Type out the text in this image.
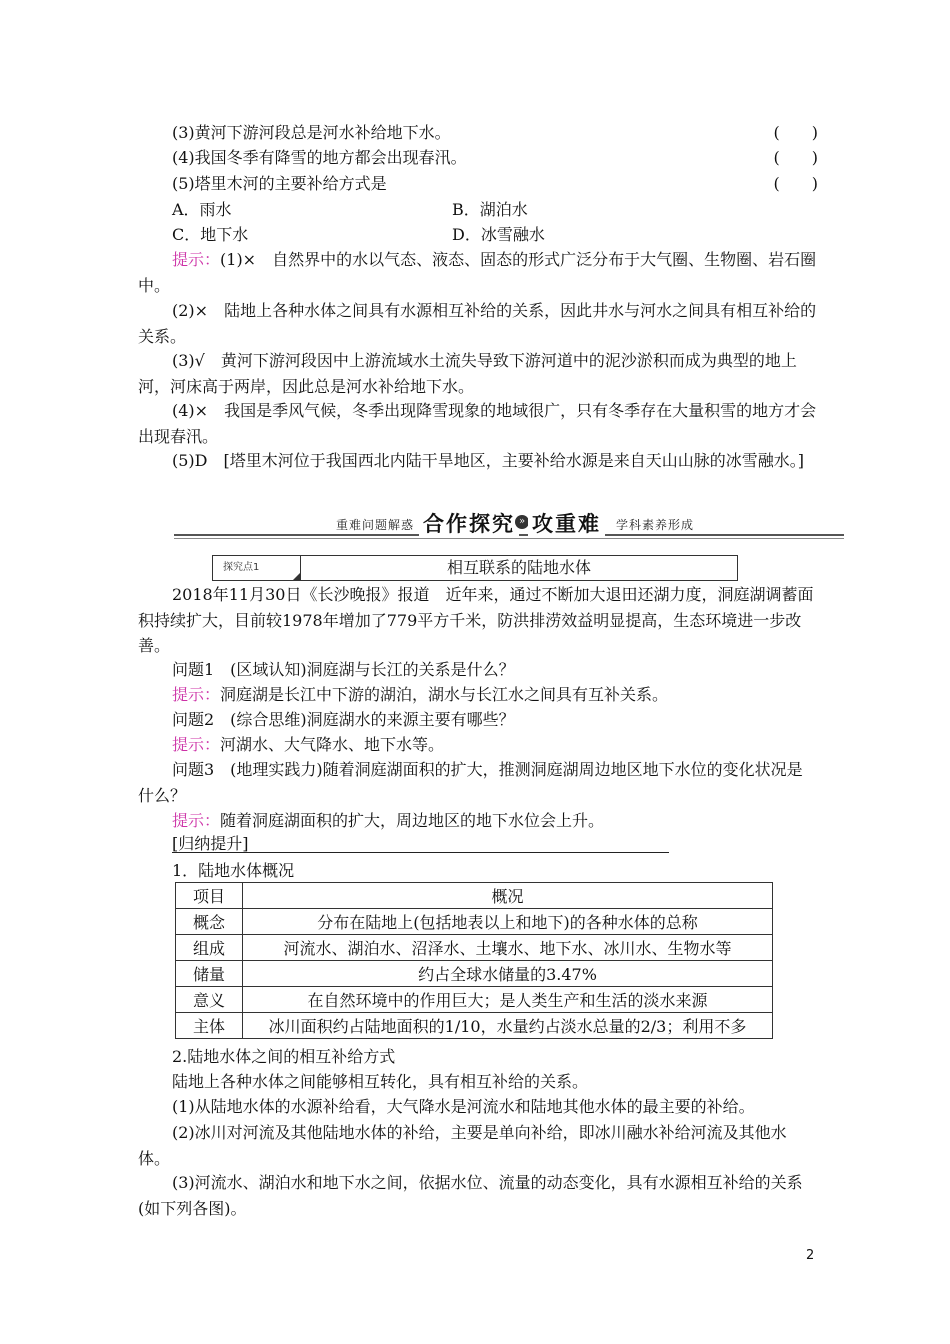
(3)黄河下游河段总是河水补给地下水。	(　　)

(4)我国冬季有降雪的地方都会出现春汛。	(　　)

(5)塔里木河的主要补给方式是	(　　)
A．雨水	B．湖泊水
C．地下水	D．冰雪融水

提示：(1)×　自然界中的水以气态、液态、固态的形式广泛分布于大气圈、生物圈、岩石圈中。

(2)×　陆地上各种水体之间具有水源相互补给的关系，因此井水与河水之间具有相互补给的关系。

(3)√　黄河下游河段因中上游流域水土流失导致下游河道中的泥沙淤积而成为典型的地上河，河床高于两岸，因此总是河水补给地下水。

(4)×　我国是季风气候，冬季出现降雪现象的地域很广，只有冬季存在大量积雪的地方才会出现春汛。

(5)D　[塔里木河位于我国西北内陆干旱地区，主要补给水源是来自天山山脉的冰雪融水。]

重难问题解惑 合作探究 » 攻重难	学科素养形成
探究点1	相互联系的陆地水体

2018年11月30日《长沙晚报》报道　近年来，通过不断加大退田还湖力度，洞庭湖调蓄面积持续扩大，目前较1978年增加了779平方千米，防洪排涝效益明显提高，生态环境进一步改善。

问题1　(区域认知)洞庭湖与长江的关系是什么？

提示：洞庭湖是长江中下游的湖泊，湖水与长江水之间具有互补关系。

问题2　(综合思维)洞庭湖水的来源主要有哪些？

提示：河湖水、大气降水、地下水等。

问题3　(地理实践力)随着洞庭湖面积的扩大，推测洞庭湖周边地区地下水位的变化状况是什么？

提示：随着洞庭湖面积的扩大，周边地区的地下水位会上升。

[归纳提升]

1．陆地水体概况

项目	概况
概念	分布在陆地上(包括地表以上和地下)的各种水体的总称
组成	河流水、湖泊水、沼泽水、土壤水、地下水、冰川水、生物水等
储量	约占全球水储量的3.47%
意义	在自然环境中的作用巨大；是人类生产和生活的淡水来源
主体	冰川面积约占陆地面积的1/10，水量约占淡水总量的2/3；利用不多

2.陆地水体之间的相互补给方式

陆地上各种水体之间能够相互转化，具有相互补给的关系。

(1)从陆地水体的水源补给看，大气降水是河流水和陆地其他水体的最主要的补给。

(2)冰川对河流及其他陆地水体的补给，主要是单向补给，即冰川融水补给河流及其他水体。

(3)河流水、湖泊水和地下水之间，依据水位、流量的动态变化，具有水源相互补给的关系(如下列各图)。

2
